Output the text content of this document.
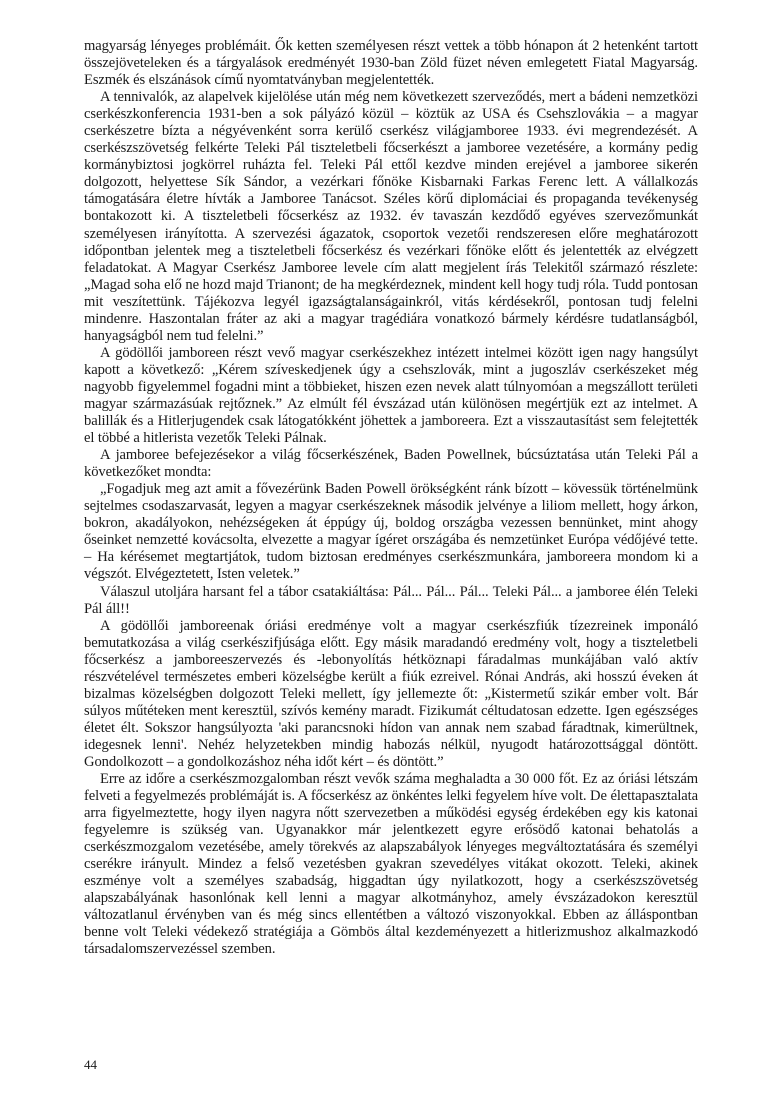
magyarság lényeges problémáit. Ők ketten személyesen részt vettek a több hónapon át 2 hetenként tartott összejöveteleken és a tárgyalások eredményét 1930-ban Zöld füzet néven emlegetett Fiatal Magyarság. Eszmék és elszánások című nyomtatványban megjelentették.

A tennivalók, az alapelvek kijelölése után még nem következett szerveződés, mert a bádeni nemzetközi cserkészkonferencia 1931-ben a sok pályázó közül – köztük az USA és Csehszlovákia – a magyar cserkészetre bízta a négyévenként sorra kerülő cserkész világjamboree 1933. évi megrendezését. A cserkészszövetség felkérte Teleki Pál tiszteletbeli főcserkészt a jamboree vezetésére, a kormány pedig kormánybiztosi jogkörrel ruházta fel. Teleki Pál ettől kezdve minden erejével a jamboree sikerén dolgozott, helyettese Sík Sándor, a vezérkari főnöke Kisbarnaki Farkas Ferenc lett. A vállalkozás támogatására életre hívták a Jamboree Tanácsot. Széles körű diplomáciai és propaganda tevékenység bontakozott ki. A tiszteletbeli főcserkész az 1932. év tavaszán kezdődő egyéves szervezőmunkát személyesen irányította. A szervezési ágazatok, csoportok vezetői rendszeresen előre meghatározott időpontban jelentek meg a tiszteletbeli főcserkész és vezérkari főnöke előtt és jelentették az elvégzett feladatokat. A Magyar Cserkész Jamboree levele cím alatt megjelent írás Telekitől származó részlete: „Magad soha elő ne hozd majd Trianont; de ha megkérdeznek, mindent kell hogy tudj róla. Tudd pontosan mit veszítettünk. Tájékozva legyél igazságtalanságainkról, vitás kérdésekről, pontosan tudj felelni mindenre. Haszontalan fráter az aki a magyar tragédiára vonatkozó bármely kérdésre tudatlanságból, hanyagságból nem tud felelni.”

A gödöllői jamboreen részt vevő magyar cserkészekhez intézett intelmei között igen nagy hangsúlyt kapott a következő: „Kérem szíveskedjenek úgy a csehszlovák, mint a jugoszláv cserkészeket még nagyobb figyelemmel fogadni mint a többieket, hiszen ezen nevek alatt túlnyomóan a megszállott területi magyar származásúak rejtőznek.” Az elmúlt fél évszázad után különösen megértjük ezt az intelmet. A balillák és a Hitlerjugendek csak látogatókként jöhettek a jamboreera. Ezt a visszautasítást sem felejtették el többé a hitlerista vezetők Teleki Pálnak.

A jamboree befejezésekor a világ főcserkészének, Baden Powellnek, búcsúztatása után Teleki Pál a következőket mondta:

„Fogadjuk meg azt amit a fővezérünk Baden Powell örökségként ránk bízott – kövessük történelmünk sejtelmes csodaszarvasát, legyen a magyar cserkészeknek második jelvénye a liliom mellett, hogy árkon, bokron, akadályokon, nehézségeken át éppúgy új, boldog országba vezessen bennünket, mint ahogy őseinket nemzetté kovácsolta, elvezette a magyar ígéret országába és nemzetünket Európa védőjévé tette. – Ha kérésemet megtartjátok, tudom biztosan eredményes cserkészmunkára, jamboreera mondom ki a végszót. Elvégeztetett, Isten veletek.”

Válaszul utoljára harsant fel a tábor csatakiáltása: Pál... Pál... Pál... Teleki Pál... a jamboree élén Teleki Pál áll!!

A gödöllői jamboreenak óriási eredménye volt a magyar cserkészfiúk tízezreinek imponáló bemutatkozása a világ cserkészifjúsága előtt. Egy másik maradandó eredmény volt, hogy a tiszteletbeli főcserkész a jamboreeszervezés és -lebonyolítás hétköznapi fáradalmas munkájában való aktív részvételével természetes emberi közelségbe került a fiúk ezreivel. Rónai András, aki hosszú éveken át bizalmas közelségben dolgozott Teleki mellett, így jellemezte őt: „Kistermetű szikár ember volt. Bár súlyos műtéteken ment keresztül, szívós kemény maradt. Fizikumát céltudatosan edzette. Igen egészséges életet élt. Sokszor hangsúlyozta 'aki parancsnoki hídon van annak nem szabad fáradtnak, kimerültnek, idegesnek lenni'. Nehéz helyzetekben mindig habozás nélkül, nyugodt határozottsággal döntött. Gondolkozott – a gondolkozáshoz néha időt kért – és döntött.”

Erre az időre a cserkészmozgalomban részt vevők száma meghaladta a 30 000 főt. Ez az óriási létszám felveti a fegyelmezés problémáját is. A főcserkész az önkéntes lelki fegyelem híve volt. De élettapasztalata arra figyelmeztette, hogy ilyen nagyra nőtt szervezetben a működési egység érdekében egy kis katonai fegyelemre is szükség van. Ugyanakkor már jelentkezett egyre erősödő katonai behatolás a cserkészmozgalom vezetésébe, amely törekvés az alapszabályok lényeges megváltoztatására és személyi cserékre irányult. Mindez a felső vezetésben gyakran szevedélyes vitákat okozott. Teleki, akinek eszménye volt a személyes szabadság, higgadtan úgy nyilatkozott, hogy a cserkészszövetség alapszabályának hasonlónak kell lenni a magyar alkotmányhoz, amely évszázadokon keresztül változatlanul érvényben van és még sincs ellentétben a változó viszonyokkal. Ebben az álláspontban benne volt Teleki védekező stratégiája a Gömbös által kezdeményezett a hitlerizmushoz alkalmazkodó társadalomszervezéssel szemben.

44
